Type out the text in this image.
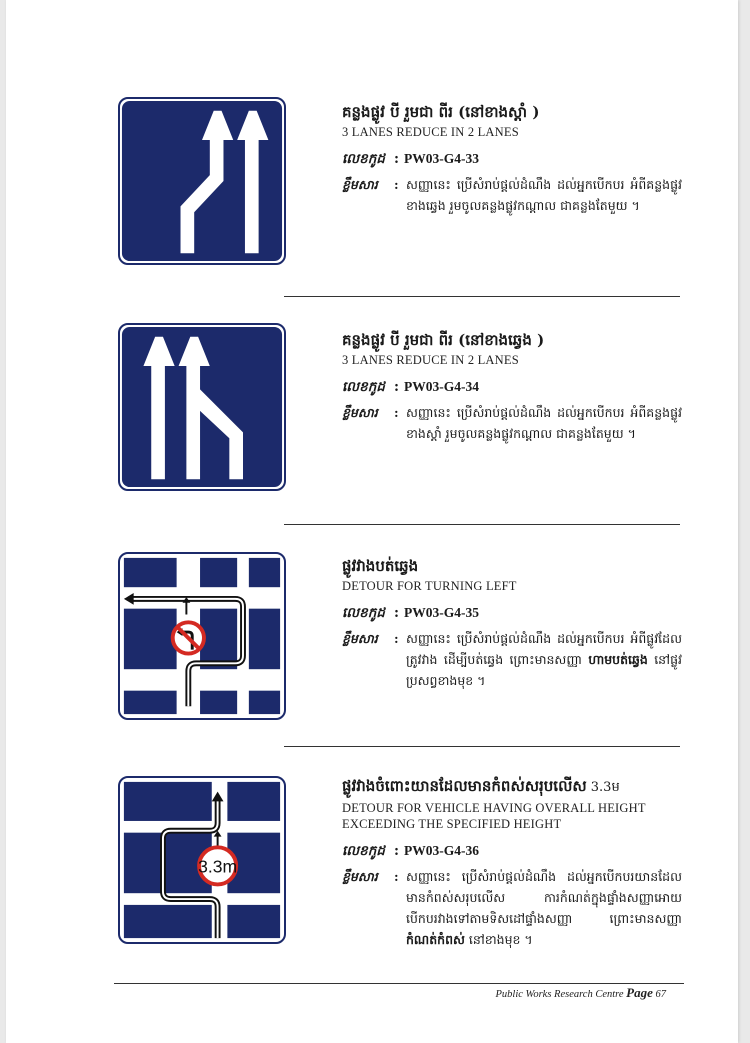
គន្លងផ្លូវ បី រួមជា ពីរ (នៅខាងស្តាំ )
3 LANES REDUCE IN 2 LANES
លេខកូដ : PW03-G4-33
ខ្លឹមសារ	: សញ្ញានេះ ប្រើសំរាប់ផ្តល់ដំណឹង ដល់អ្នកបើកបរ អំពីគន្លងផ្លូវខាងឆ្វេង រួមចូលគន្លងផ្លូវកណ្តាល ជាគន្លងតែមួយ ។
គន្លងផ្លូវ បី រួមជា ពីរ (នៅខាងឆ្វេង )
3 LANES REDUCE IN 2 LANES
លេខកូដ : PW03-G4-34
ខ្លឹមសារ	: សញ្ញានេះ ប្រើសំរាប់ផ្តល់ដំណឹង ដល់អ្នកបើកបរ អំពីគន្លងផ្លូវខាងស្តាំ រួមចូលគន្លងផ្លូវកណ្តាល ជាគន្លងតែមួយ ។
ផ្លូវវាងបត់ឆ្វេង
DETOUR FOR TURNING LEFT
លេខកូដ : PW03-G4-35
ខ្លឹមសារ	: សញ្ញានេះ ប្រើសំរាប់ផ្តល់ដំណឹង ដល់អ្នកបើកបរ អំពីផ្លូវដែលត្រូវវាង ដើម្បីបត់ឆ្វេង ព្រោះមានសញ្ញា ហាមបត់ឆ្វេង នៅផ្លូវប្រសព្វខាងមុខ ។
3.3m
ផ្លូវវាងចំពោះយានដែលមានកំពស់សរុបលើស 3.3ម
DETOUR FOR VEHICLE HAVING OVERALL HEIGHT EXCEEDING THE SPECIFIED HEIGHT
លេខកូដ : PW03-G4-36
ខ្លឹមសារ	: សញ្ញានេះ ប្រើសំរាប់ផ្តល់ដំណឹង ដល់អ្នកបើកបរយានដែលមានកំពស់សរុបលើស ការកំណត់ក្នុងផ្ទាំងសញ្ញាអោយបើកបរវាងទៅតាមទិសដៅផ្ទាំងសញ្ញា ព្រោះមានសញ្ញា កំណត់កំពស់ នៅខាងមុខ ។
Public Works Research Centre Page 67
